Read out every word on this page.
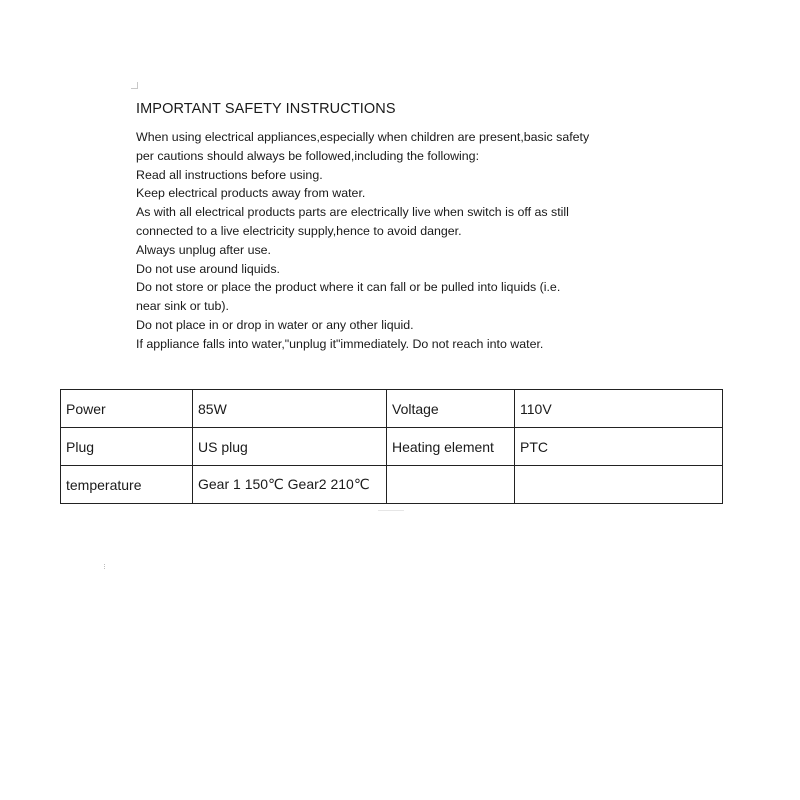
IMPORTANT SAFETY INSTRUCTIONS
When using electrical appliances,especially when children are present,basic safety
per cautions should always be followed,including the following:
Read all instructions before using.
Keep electrical products away from water.
As with all electrical products parts are electrically live when switch is off as still
connected to a live electricity supply,hence to avoid danger.
Always unplug after use.
Do not use around liquids.
Do not store or place the product where it can fall or be pulled into liquids (i.e.
near sink or tub).
Do not place in or drop in water or any other liquid.
If appliance falls into water,"unplug it"immediately. Do not reach into water.
Power	85W	Voltage	110V
Plug	US plug	Heating element	PTC
temperature	Gear 1 150℃ Gear2 210℃		
